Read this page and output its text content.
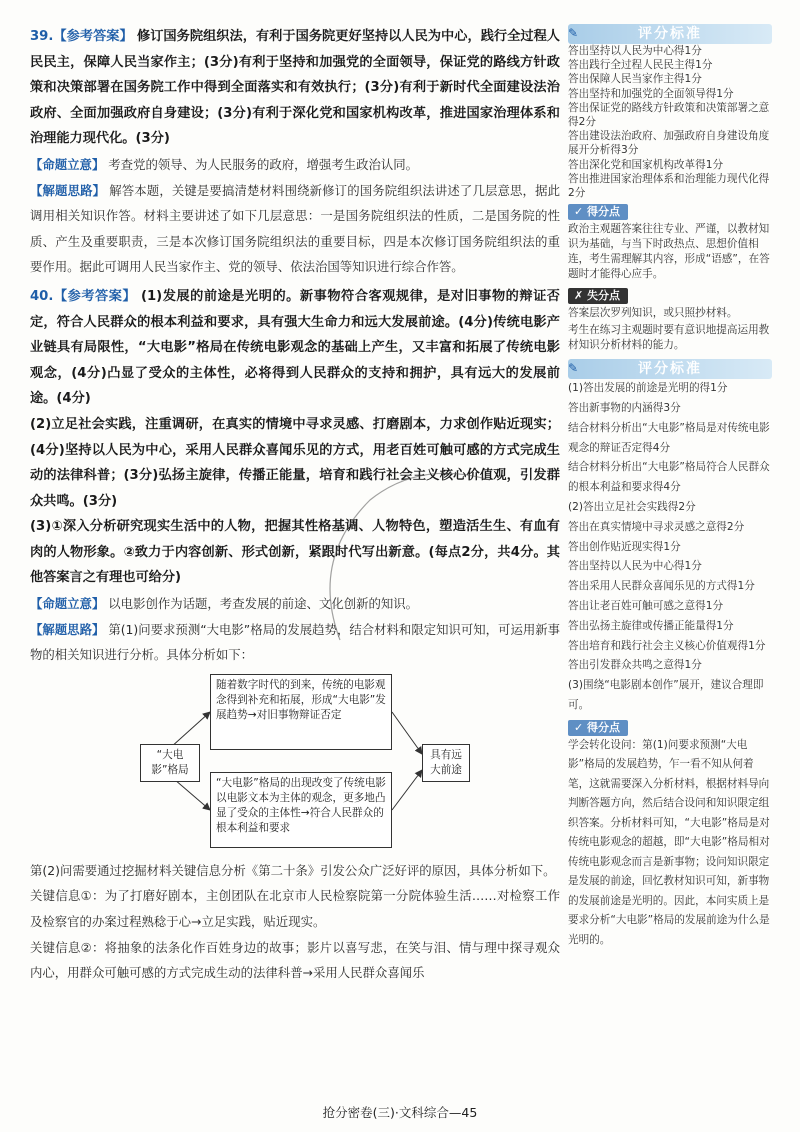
39.【参考答案】 修订国务院组织法，有利于国务院更好坚持以人民为中心，践行全过程人民民主，保障人民当家作主；(3分)有利于坚持和加强党的全面领导，保证党的路线方针政策和决策部署在国务院工作中得到全面落实和有效执行；(3分)有利于新时代全面建设法治政府、全面加强政府自身建设；(3分)有利于深化党和国家机构改革，推进国家治理体系和治理能力现代化。(3分)

【命题立意】 考查党的领导、为人民服务的政府，增强考生政治认同。

【解题思路】 解答本题，关键是要搞清楚材料围绕新修订的国务院组织法讲述了几层意思，据此调用相关知识作答。材料主要讲述了如下几层意思：一是国务院组织法的性质，二是国务院的性质、产生及重要职责，三是本次修订国务院组织法的重要目标，四是本次修订国务院组织法的重要作用。据此可调用人民当家作主、党的领导、依法治国等知识进行综合作答。

40.【参考答案】 (1)发展的前途是光明的。新事物符合客观规律，是对旧事物的辩证否定，符合人民群众的根本利益和要求，具有强大生命力和远大发展前途。(4分)传统电影产业链具有局限性，“大电影”格局在传统电影观念的基础上产生，又丰富和拓展了传统电影观念，(4分)凸显了受众的主体性，必将得到人民群众的支持和拥护，具有远大的发展前途。(4分)

(2)立足社会实践，注重调研，在真实的情境中寻求灵感、打磨剧本，力求创作贴近现实；(4分)坚持以人民为中心，采用人民群众喜闻乐见的方式，用老百姓可触可感的方式完成生动的法律科普；(3分)弘扬主旋律，传播正能量，培育和践行社会主义核心价值观，引发群众共鸣。(3分)

(3)①深入分析研究现实生活中的人物，把握其性格基调、人物特色，塑造活生生、有血有肉的人物形象。②致力于内容创新、形式创新，紧跟时代写出新意。(每点2分，共4分。其他答案言之有理也可给分)

【命题立意】 以电影创作为话题，考查发展的前途、文化创新的知识。

【解题思路】 第(1)问要求预测“大电影”格局的发展趋势，结合材料和限定知识可知，可运用新事物的相关知识进行分析。具体分析如下：

“大电影”格局
随着数字时代的到来，传统的电影观念得到补充和拓展，形成“大电影”发展趋势→对旧事物辩证否定
“大电影”格局的出现改变了传统电影以电影文本为主体的观念，更多地凸显了受众的主体性→符合人民群众的根本利益和要求
具有远大前途

第(2)问需要通过挖掘材料关键信息分析《第二十条》引发公众广泛好评的原因，具体分析如下。

关键信息①：为了打磨好剧本，主创团队在北京市人民检察院第一分院体验生活……对检察工作及检察官的办案过程熟稔于心→立足实践，贴近现实。

关键信息②：将抽象的法条化作百姓身边的故事；影片以喜写悲，在笑与泪、情与理中探寻观众内心，用群众可触可感的方式完成生动的法律科普→采用人民群众喜闻乐

✎	评分标准
答出坚持以人民为中心得1分
答出践行全过程人民民主得1分
答出保障人民当家作主得1分
答出坚持和加强党的全面领导得1分
答出保证党的路线方针政策和决策部署之意得2分
答出建设法治政府、加强政府自身建设角度展开分析得3分
答出深化党和国家机构改革得1分
答出推进国家治理体系和治理能力现代化得2分
✓ 得分点
政治主观题答案往往专业、严谨，以教材知识为基础，与当下时政热点、思想价值相连，考生需理解其内容，形成“语感”，在答题时才能得心应手。
✗ 失分点
答案层次罗列知识，或只照抄材料。
考生在练习主观题时要有意识地提高运用教材知识分析材料的能力。
✎	评分标准
(1)答出发展的前途是光明的得1分
答出新事物的内涵得3分
结合材料分析出“大电影”格局是对传统电影观念的辩证否定得4分
结合材料分析出“大电影”格局符合人民群众的根本利益和要求得4分
(2)答出立足社会实践得2分
答出在真实情境中寻求灵感之意得2分
答出创作贴近现实得1分
答出坚持以人民为中心得1分
答出采用人民群众喜闻乐见的方式得1分
答出让老百姓可触可感之意得1分
答出弘扬主旋律或传播正能量得1分
答出培育和践行社会主义核心价值观得1分
答出引发群众共鸣之意得1分
(3)围绕“电影剧本创作”展开，建议合理即可。
✓ 得分点
学会转化设问：第(1)问要求预测“大电影”格局的发展趋势，乍一看不知从何着笔，这就需要深入分析材料，根据材料导向判断答题方向，然后结合设问和知识限定组织答案。分析材料可知，“大电影”格局是对传统电影观念的超越，即“大电影”格局相对传统电影观念而言是新事物；设问知识限定是发展的前途，回忆教材知识可知，新事物的发展前途是光明的。因此，本问实质上是要求分析“大电影”格局的发展前途为什么是光明的。
抢分密卷(三)·文科综合—45
